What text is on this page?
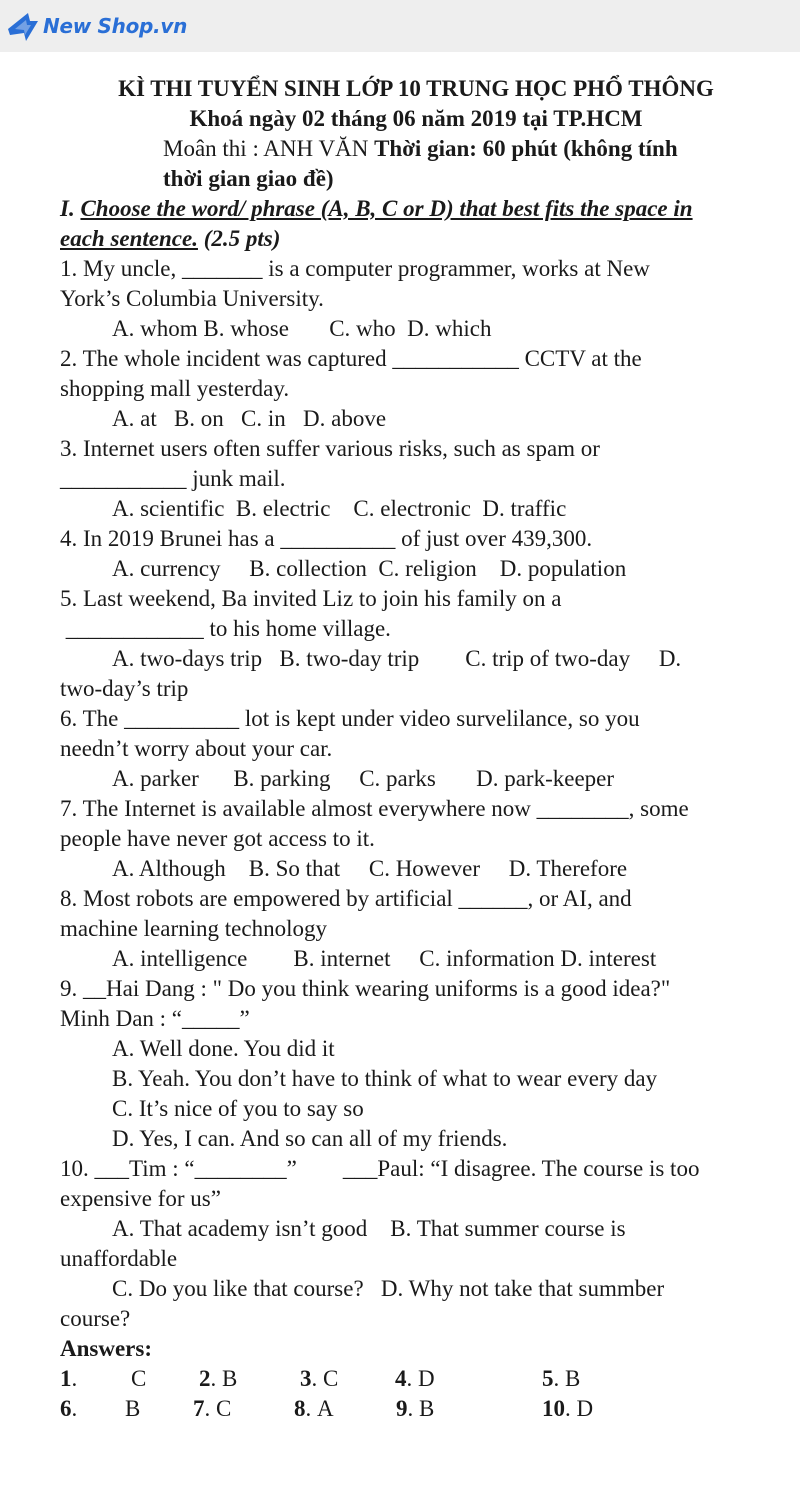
New Shop.vn
KÌ THI TUYỂN SINH LỚP 10 TRUNG HỌC PHỔ THÔNG
Khoá ngày 02 tháng 06 năm 2019 tại TP.HCM
Moân thi : ANH VĂN Thời gian: 60 phút (không tính
thời gian giao đề)
I. Choose the word/ phrase (A, B, C or D) that best fits the space in
each sentence. (2.5 pts)
1. My uncle, _______ is a computer programmer, works at New
York’s Columbia University.
A. whom B. whose       C. who  D. which
2. The whole incident was captured ___________ CCTV at the
shopping mall yesterday.
A. at   B. on   C. in   D. above
3. Internet users often suffer various risks, such as spam or
___________ junk mail.
A. scientific  B. electric    C. electronic  D. traffic
4. In 2019 Brunei has a __________ of just over 439,300.
A. currency     B. collection  C. religion    D. population
5. Last weekend, Ba invited Liz to join his family on a
____________ to his home village.
A. two-days trip   B. two-day trip        C. trip of two-day     D.
two-day’s trip
6. The __________ lot is kept under video survelilance, so you
needn’t worry about your car.
A. parker      B. parking     C. parks       D. park-keeper
7. The Internet is available almost everywhere now ________, some
people have never got access to it.
A. Although    B. So that     C. However     D. Therefore
8. Most robots are empowered by artificial ______, or AI, and
machine learning technology
A. intelligence        B. internet     C. information D. interest
9. __Hai Dang : " Do you think wearing uniforms is a good idea?"
Minh Dan : “_____”
A. Well done. You did it
B. Yeah. You don’t have to think of what to wear every day
C. It’s nice of you to say so
D. Yes, I can. And so can all of my friends.
10. ___Tim : “________”        ___Paul: “I disagree. The course is too
expensive for us”
A. That academy isn’t good    B. That summer course is
unaffordable
C. Do you like that course?   D. Why not take that summber
course?
Answers:
1.	C	2. B	3. C	4. D	5. B
6.	B	7. C	8. A	9. B	10. D
